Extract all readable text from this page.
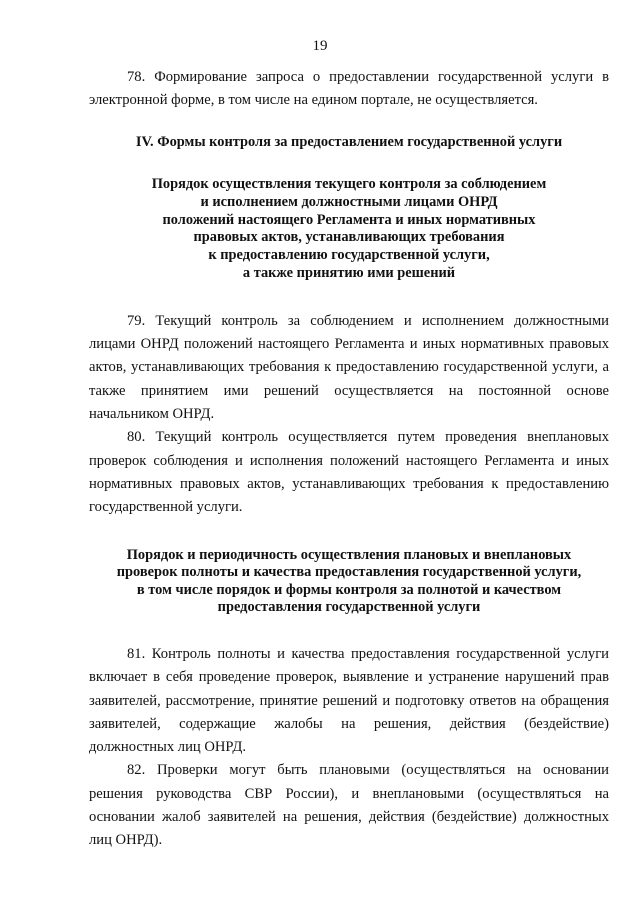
19

78. Формирование запроса о предоставлении государственной услуги в электронной форме, в том числе на едином портале, не осуществляется.

IV. Формы контроля за предоставлением государственной услуги

Порядок осуществления текущего контроля за соблюдением
и исполнением должностными лицами ОНРД
положений настоящего Регламента и иных нормативных
правовых актов, устанавливающих требования
к предоставлению государственной услуги,
а также принятию ими решений

79. Текущий контроль за соблюдением и исполнением должностными лицами ОНРД положений настоящего Регламента и иных нормативных правовых актов, устанавливающих требования к предоставлению государственной услуги, а также принятием ими решений осуществляется на постоянной основе начальником ОНРД.

80. Текущий контроль осуществляется путем проведения внеплановых проверок соблюдения и исполнения положений настоящего Регламента и иных нормативных правовых актов, устанавливающих требования к предоставлению государственной услуги.

Порядок и периодичность осуществления плановых и внеплановых
проверок полноты и качества предоставления государственной услуги,
в том числе порядок и формы контроля за полнотой и качеством
предоставления государственной услуги

81. Контроль полноты и качества предоставления государственной услуги включает в себя проведение проверок, выявление и устранение нарушений прав заявителей, рассмотрение, принятие решений и подготовку ответов на обращения заявителей, содержащие жалобы на решения, действия (бездействие) должностных лиц ОНРД.

82. Проверки могут быть плановыми (осуществляться на основании решения руководства СВР России), и внеплановыми (осуществляться на основании жалоб заявителей на решения, действия (бездействие) должностных лиц ОНРД).
